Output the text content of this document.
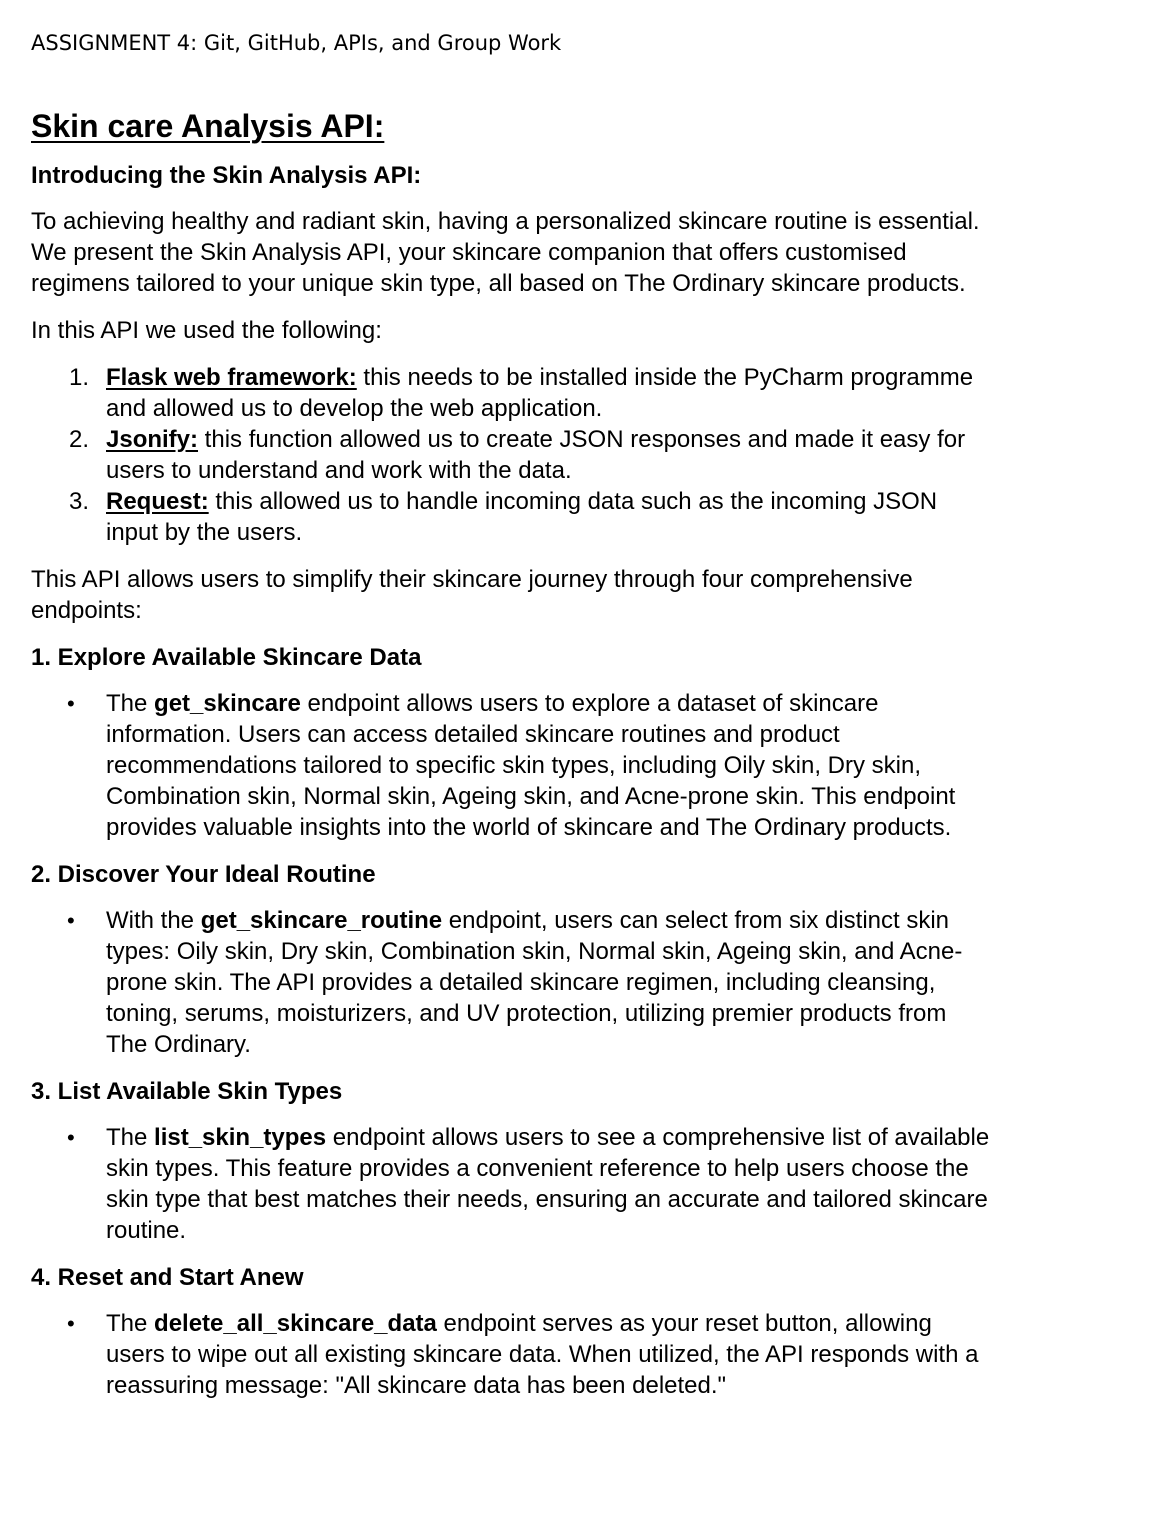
ASSIGNMENT 4: Git, GitHub, APIs, and Group Work
Skin care Analysis API:
Introducing the Skin Analysis API:

To achieving healthy and radiant skin, having a personalized skincare routine is essential. We present the Skin Analysis API, your skincare companion that offers customised regimens tailored to your unique skin type, all based on The Ordinary skincare products.

In this API we used the following:

1. Flask web framework: this needs to be installed inside the PyCharm programme and allowed us to develop the web application.
2. Jsonify: this function allowed us to create JSON responses and made it easy for users to understand and work with the data.
3. Request: this allowed us to handle incoming data such as the incoming JSON input by the users.

This API allows users to simplify their skincare journey through four comprehensive endpoints:

1. Explore Available Skincare Data
• The get_skincare endpoint allows users to explore a dataset of skincare information. Users can access detailed skincare routines and product recommendations tailored to specific skin types, including Oily skin, Dry skin, Combination skin, Normal skin, Ageing skin, and Acne-prone skin. This endpoint provides valuable insights into the world of skincare and The Ordinary products.
2. Discover Your Ideal Routine
• With the get_skincare_routine endpoint, users can select from six distinct skin types: Oily skin, Dry skin, Combination skin, Normal skin, Ageing skin, and Acne-prone skin. The API provides a detailed skincare regimen, including cleansing, toning, serums, moisturizers, and UV protection, utilizing premier products from The Ordinary.
3. List Available Skin Types
• The list_skin_types endpoint allows users to see a comprehensive list of available skin types. This feature provides a convenient reference to help users choose the skin type that best matches their needs, ensuring an accurate and tailored skincare routine.
4. Reset and Start Anew
• The delete_all_skincare_data endpoint serves as your reset button, allowing users to wipe out all existing skincare data. When utilized, the API responds with a reassuring message: "All skincare data has been deleted."
